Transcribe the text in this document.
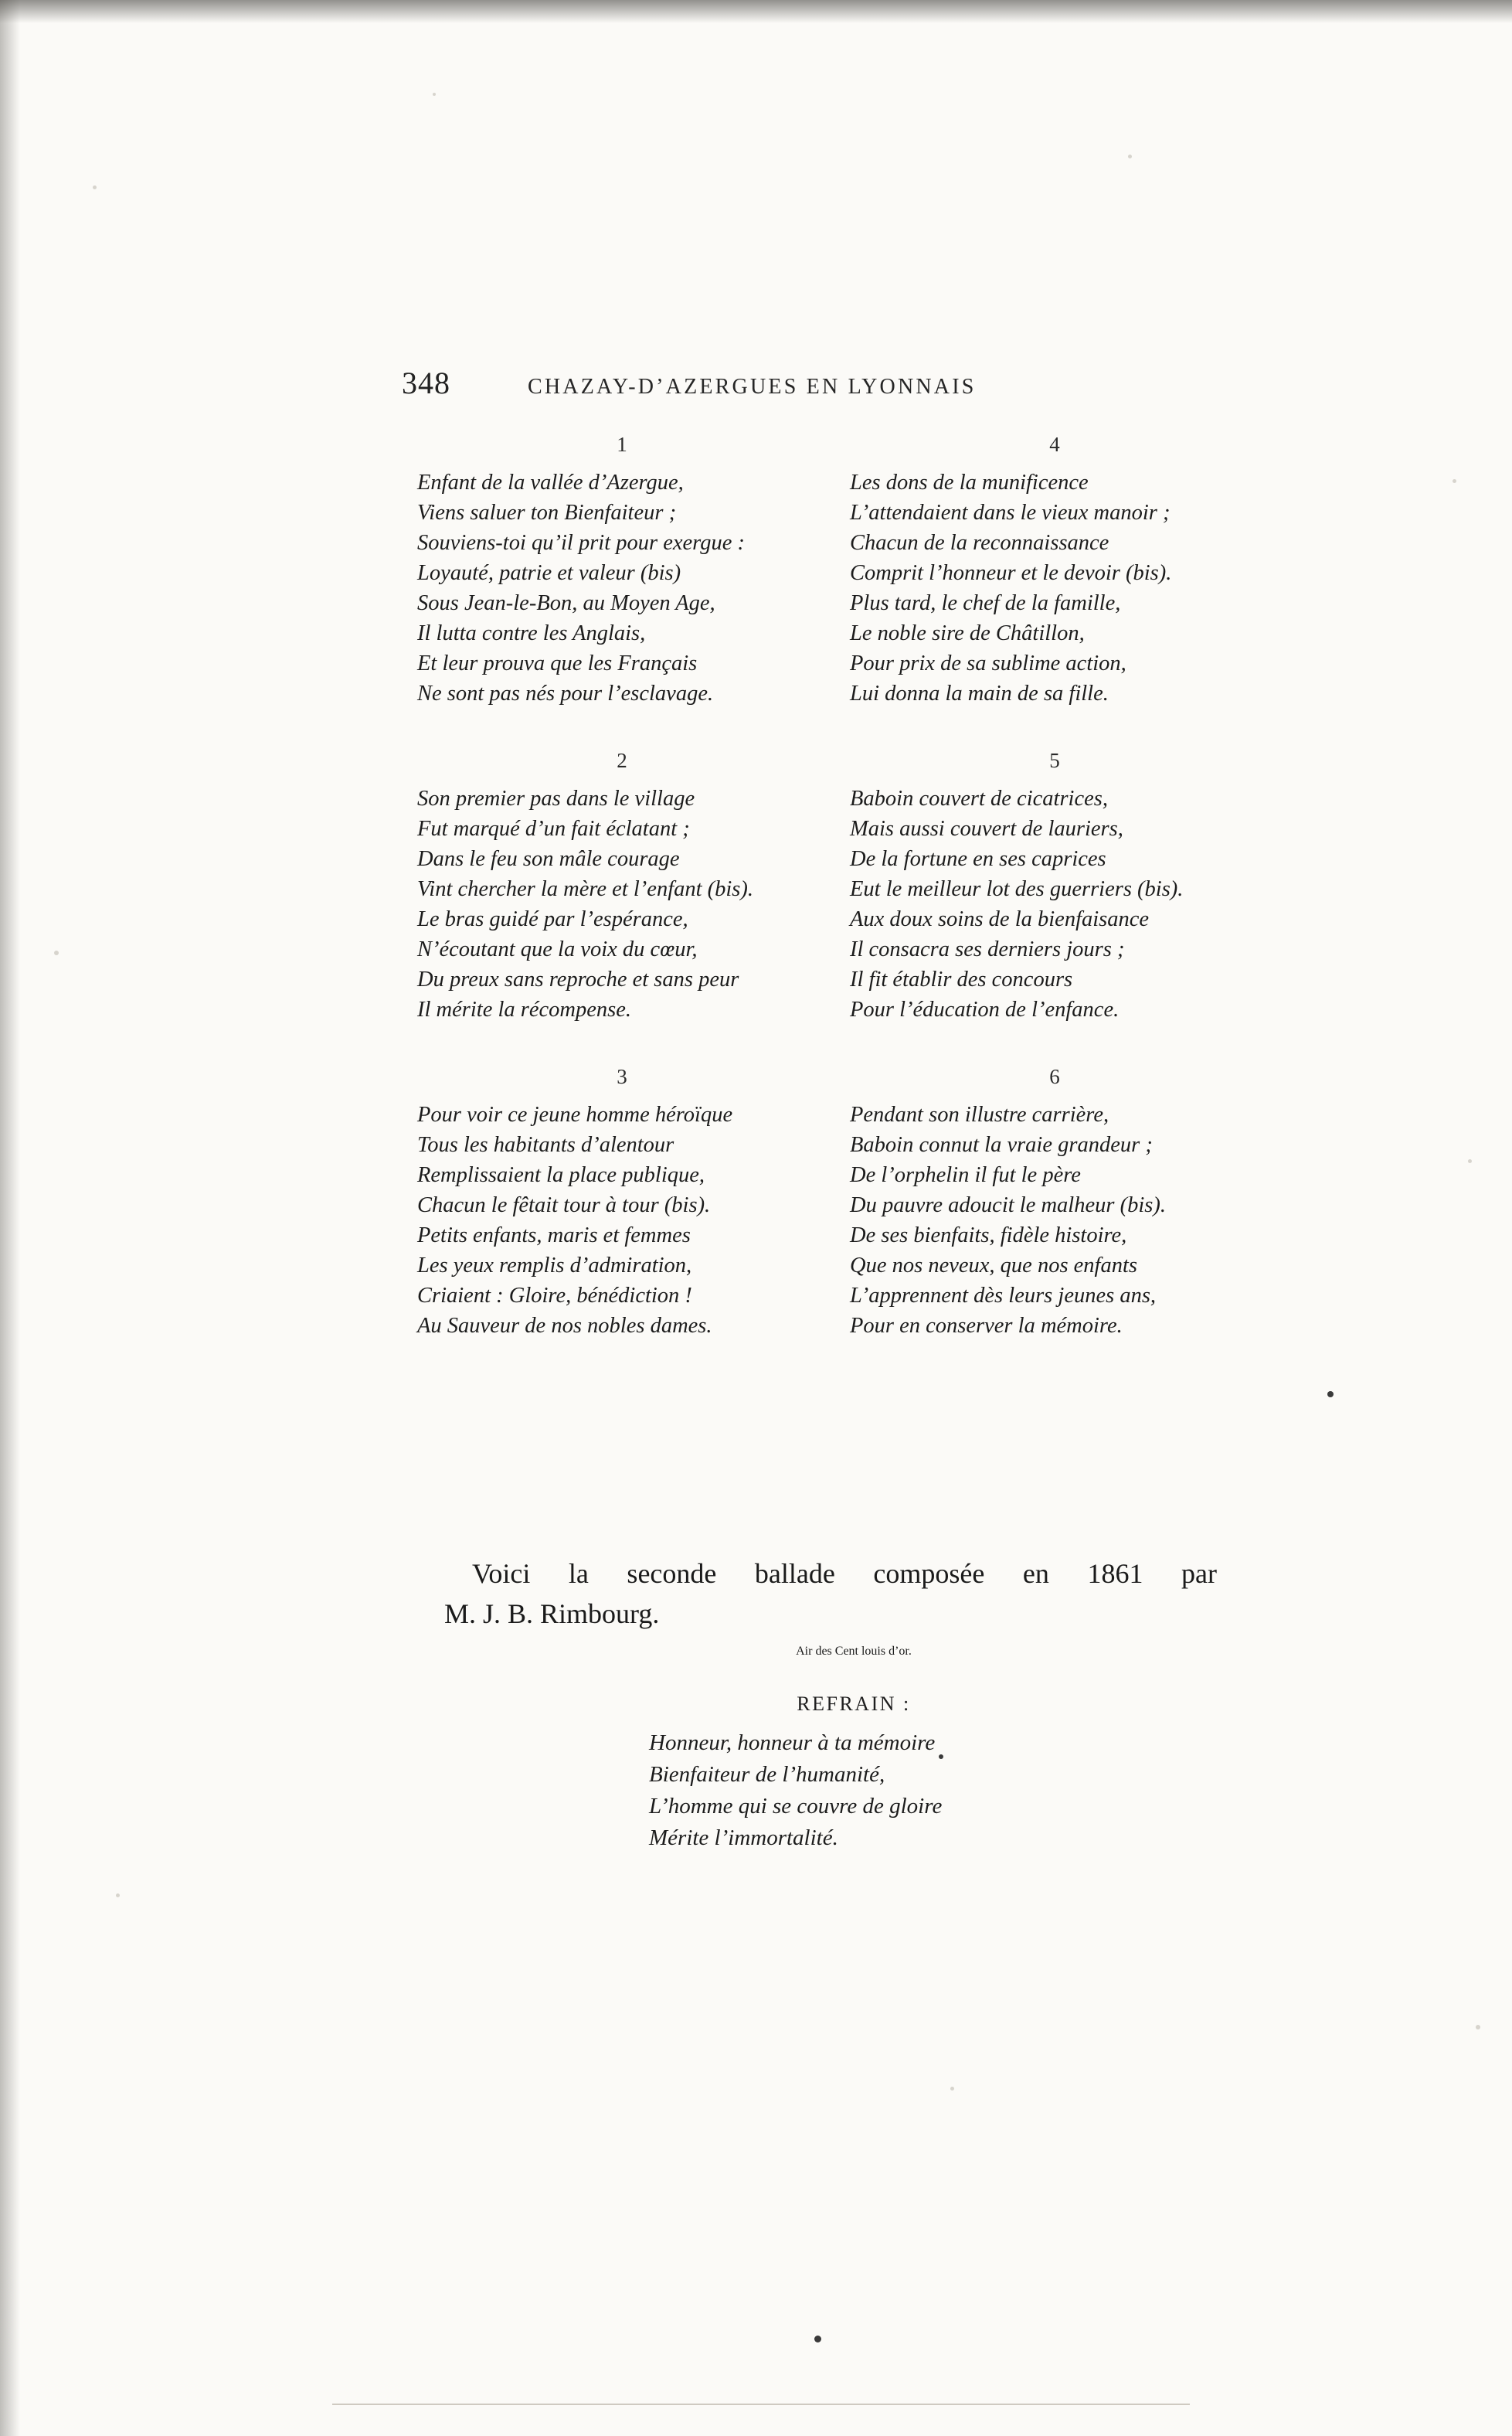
348	CHAZAY-D’AZERGUES EN LYONNAIS
1
Enfant de la vallée d’Azergue,
Viens saluer ton Bienfaiteur ;
Souviens-toi qu’il prit pour exergue :
Loyauté, patrie et valeur (bis)
Sous Jean-le-Bon, au Moyen Age,
Il lutta contre les Anglais,
Et leur prouva que les Français
Ne sont pas nés pour l’esclavage.
2
Son premier pas dans le village
Fut marqué d’un fait éclatant ;
Dans le feu son mâle courage
Vint chercher la mère et l’enfant (bis).
Le bras guidé par l’espérance,
N’écoutant que la voix du cœur,
Du preux sans reproche et sans peur
Il mérite la récompense.
3
Pour voir ce jeune homme héroïque
Tous les habitants d’alentour
Remplissaient la place publique,
Chacun le fêtait tour à tour (bis).
Petits enfants, maris et femmes
Les yeux remplis d’admiration,
Criaient : Gloire, bénédiction !
Au Sauveur de nos nobles dames.
4
Les dons de la munificence
L’attendaient dans le vieux manoir ;
Chacun de la reconnaissance
Comprit l’honneur et le devoir (bis).
Plus tard, le chef de la famille,
Le noble sire de Châtillon,
Pour prix de sa sublime action,
Lui donna la main de sa fille.
5
Baboin couvert de cicatrices,
Mais aussi couvert de lauriers,
De la fortune en ses caprices
Eut le meilleur lot des guerriers (bis).
Aux doux soins de la bienfaisance
Il consacra ses derniers jours ;
Il fit établir des concours
Pour l’éducation de l’enfance.
6
Pendant son illustre carrière,
Baboin connut la vraie grandeur ;
De l’orphelin il fut le père
Du pauvre adoucit le malheur (bis).
De ses bienfaits, fidèle histoire,
Que nos neveux, que nos enfants
L’apprennent dès leurs jeunes ans,
Pour en conserver la mémoire.
Voici la seconde ballade composée en 1861 par
M. J. B. Rimbourg.
Air des Cent louis d’or.
REFRAIN :
Honneur, honneur à ta mémoire
Bienfaiteur de l’humanité,
L’homme qui se couvre de gloire
Mérite l’immortalité.
